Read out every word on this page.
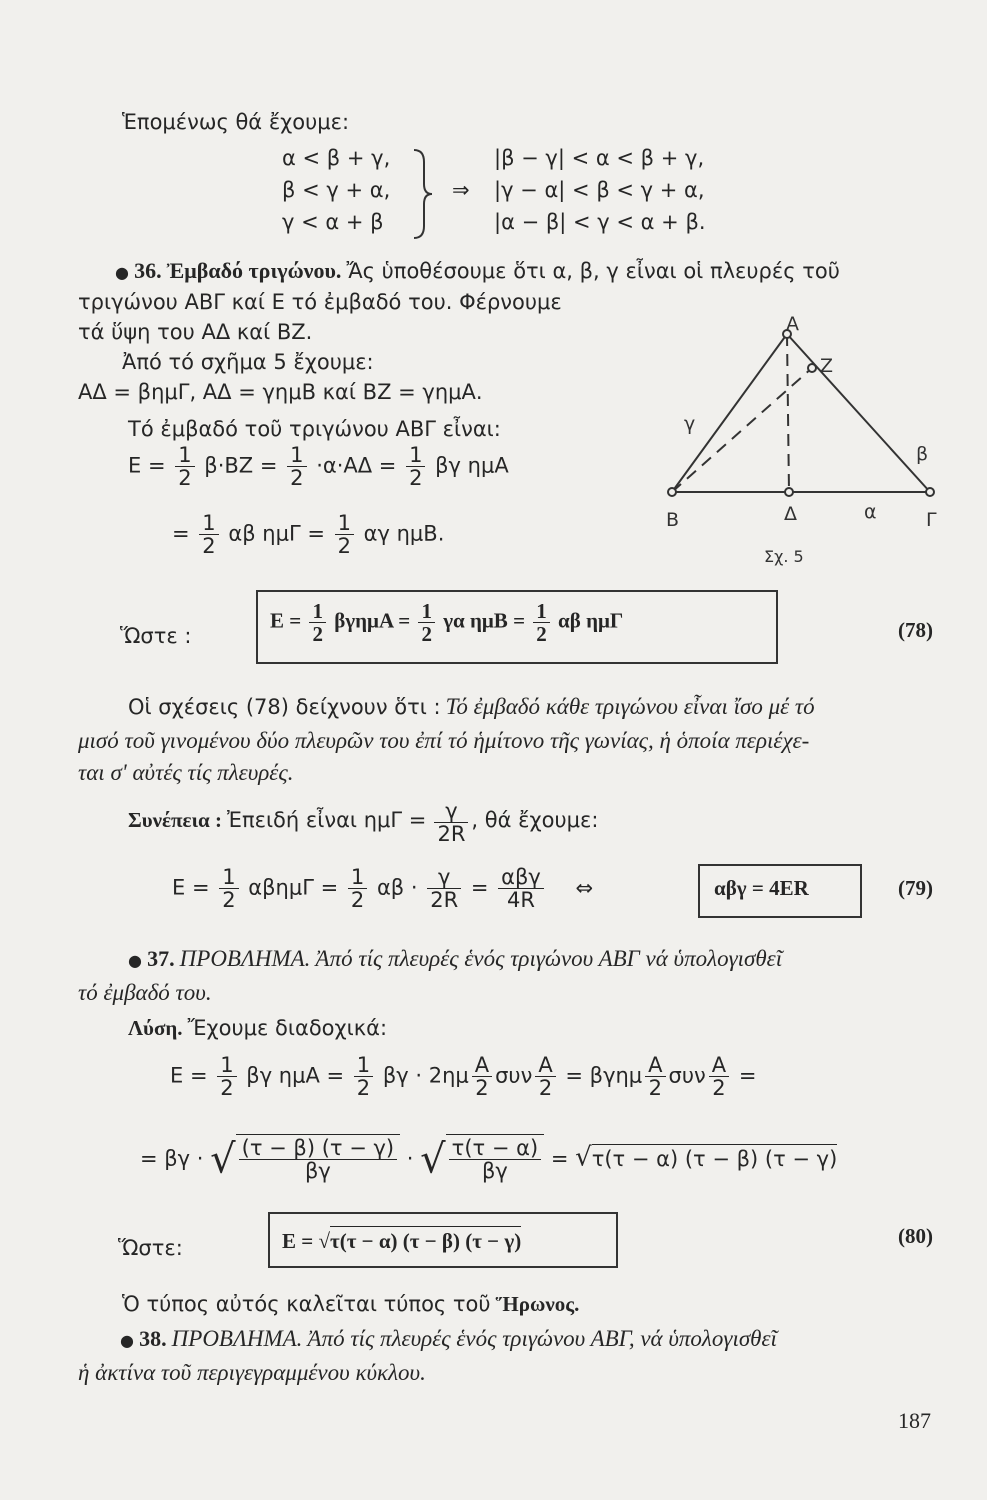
Ἑπομένως θά ἔχουμε:
α < β + γ,
β < γ + α,
γ < α + β
⇒
|β − γ| < α < β + γ,
|γ − α| < β < γ + α,
|α − β| < γ < α + β.
● 36. Ἐμβαδό τριγώνου. Ἄς ὑποθέσουμε ὅτι α, β, γ εἶναι οἱ πλευρές τοῦ
τριγώνου ΑΒΓ καί Ε τό ἐμβαδό του. Φέρνουμε
τά ὕψη του ΑΔ καί ΒΖ.
Ἀπό τό σχῆμα 5 ἔχουμε:
ΑΔ = βημΓ, ΑΔ = γημΒ καί ΒΖ = γημΑ.
Τό ἐμβαδό τοῦ τριγώνου ΑΒΓ εἶναι:
$E = \frac{1}{2} \beta\cdot BZ = \frac{1}{2} \cdot\alpha\cdot A\Delta = \frac{1}{2}$ βγ ημΑ
= $\frac{1}{2}$ αβ $\eta\mu\Gamma = \frac{1}{2}$ αγ ημΒ.
Α
Ζ
γ
β
Β	Δ	α	Γ
Σχ. 5
Ὥστε :
$E = \frac{1}{2}$ $\beta\gamma\eta\mu A = \frac{1}{2}$ γα $\eta\mu B = \frac{1}{2}$ αβ ημΓ	(78)
Οἱ σχέσεις (78) δείχνουν ὅτι : Τό ἐμβαδό κάθε τριγώνου εἶναι ἴσο μέ τό
μισό τοῦ γινομένου δύο πλευρῶν του ἐπί τό ἡμίτονο τῆς γωνίας, ἡ ὁποία περιέχε-
ται σ' αὐτές τίς πλευρές.
Συνέπεια : Ἐπειδή εἶναι $\eta\mu\Gamma = \frac{\gamma}{2R}$ , θά ἔχουμε:
$E = \frac{1}{2}$ $\alpha\beta\eta\mu\Gamma = \frac{1}{2}$ $\alpha\beta \cdot \frac{\gamma}{2R} = \frac{\text{αβγ}}{4R}$ ⇔	αβγ = 4ER	(79)
● 37. ΠΡΟΒΛΗΜΑ. Ἀπό τίς πλευρές ἑνός τριγώνου ΑΒΓ νά ὑπολογισθεῖ
τό ἐμβαδό του.
Λύση. Ἔχουμε διαδοχικά:
$E = \frac{1}{2}$ βγ $\eta\mu A = \frac{1}{2}$ $\beta\gamma \cdot 2\eta\mu \frac{A}{2}$ συν $\frac{A}{2} = \beta\gamma\eta\mu \frac{A}{2}$ συν $\frac{A}{2}$ =
= βγ · √ $\frac{(\tau - \beta) (\tau - \gamma)}{\beta\gamma}$ · √ $\frac{\tau(\tau - \alpha)}{\beta\gamma} = √\tau(\tau - \alpha) (\tau - \beta) (\tau - \gamma)$
Ὥστε:	Ε = √τ(τ − α) (τ − β) (τ − γ)	(80)
Ὁ τύπος αὐτός καλεῖται τύπος τοῦ Ἥρωνος.
● 38. ΠΡΟΒΛΗΜΑ. Ἀπό τίς πλευρές ἑνός τριγώνου ΑΒΓ, νά ὑπολογισθεῖ
ἡ ἀκτίνα τοῦ περιγεγραμμένου κύκλου.
187
